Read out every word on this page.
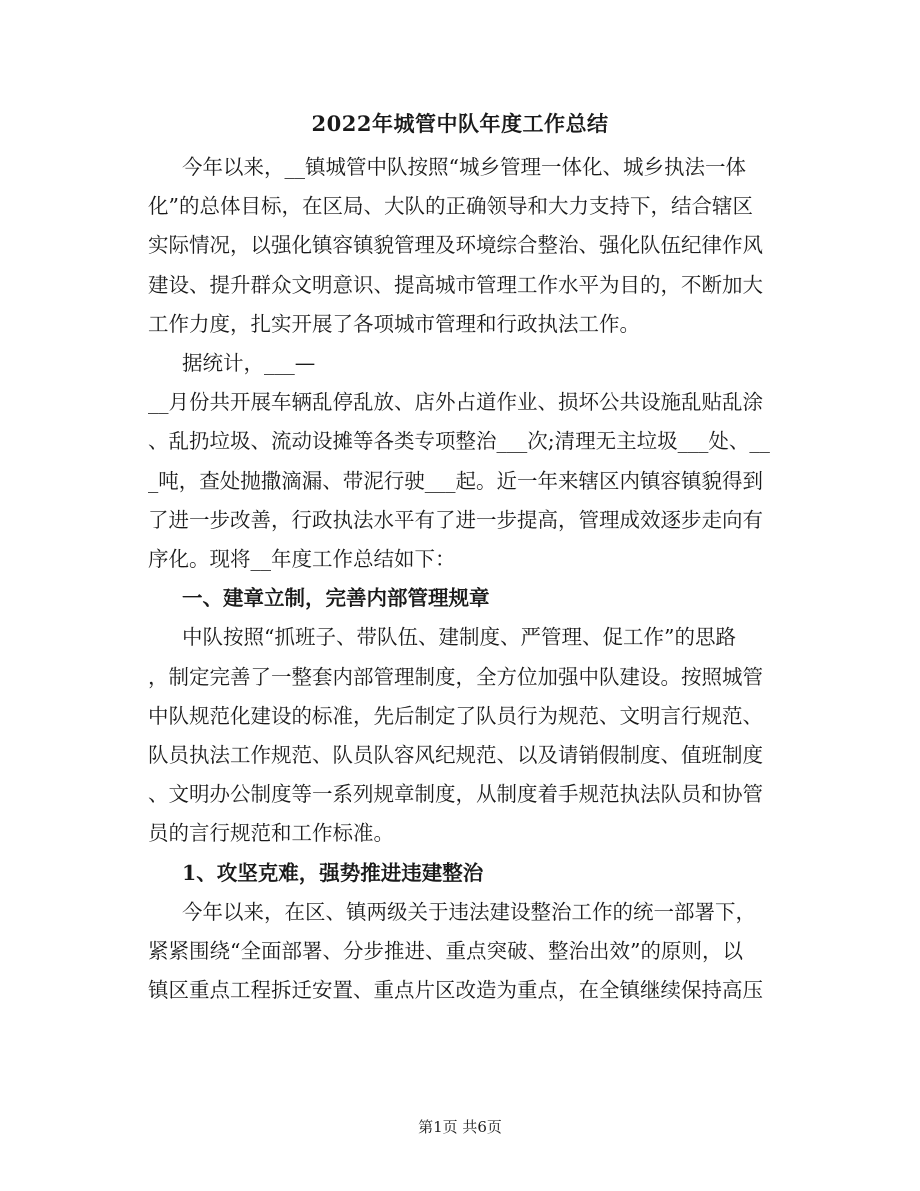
2022年城管中队年度工作总结

今年以来，__镇城管中队按照“城乡管理一体化、城乡执法一体

化”的总体目标，在区局、大队的正确领导和大力支持下，结合辖区

实际情况，以强化镇容镇貌管理及环境综合整治、强化队伍纪律作风

建设、提升群众文明意识、提高城市管理工作水平为目的，不断加大

工作力度，扎实开展了各项城市管理和行政执法工作。

据统计，___—

__月份共开展车辆乱停乱放、店外占道作业、损坏公共设施乱贴乱涂

、乱扔垃圾、流动设摊等各类专项整治___次;清理无主垃圾___处、__

_吨，查处抛撒滴漏、带泥行驶___起。近一年来辖区内镇容镇貌得到

了进一步改善，行政执法水平有了进一步提高，管理成效逐步走向有

序化。现将__年度工作总结如下：

一、建章立制，完善内部管理规章

中队按照“抓班子、带队伍、建制度、严管理、促工作”的思路

，制定完善了一整套内部管理制度，全方位加强中队建设。按照城管

中队规范化建设的标准，先后制定了队员行为规范、文明言行规范、

队员执法工作规范、队员队容风纪规范、以及请销假制度、值班制度

、文明办公制度等一系列规章制度，从制度着手规范执法队员和协管

员的言行规范和工作标准。

1、攻坚克难，强势推进违建整治

今年以来，在区、镇两级关于违法建设整治工作的统一部署下，

紧紧围绕“全面部署、分步推进、重点突破、整治出效”的原则，以

镇区重点工程拆迁安置、重点片区改造为重点，在全镇继续保持高压

第1页 共6页
